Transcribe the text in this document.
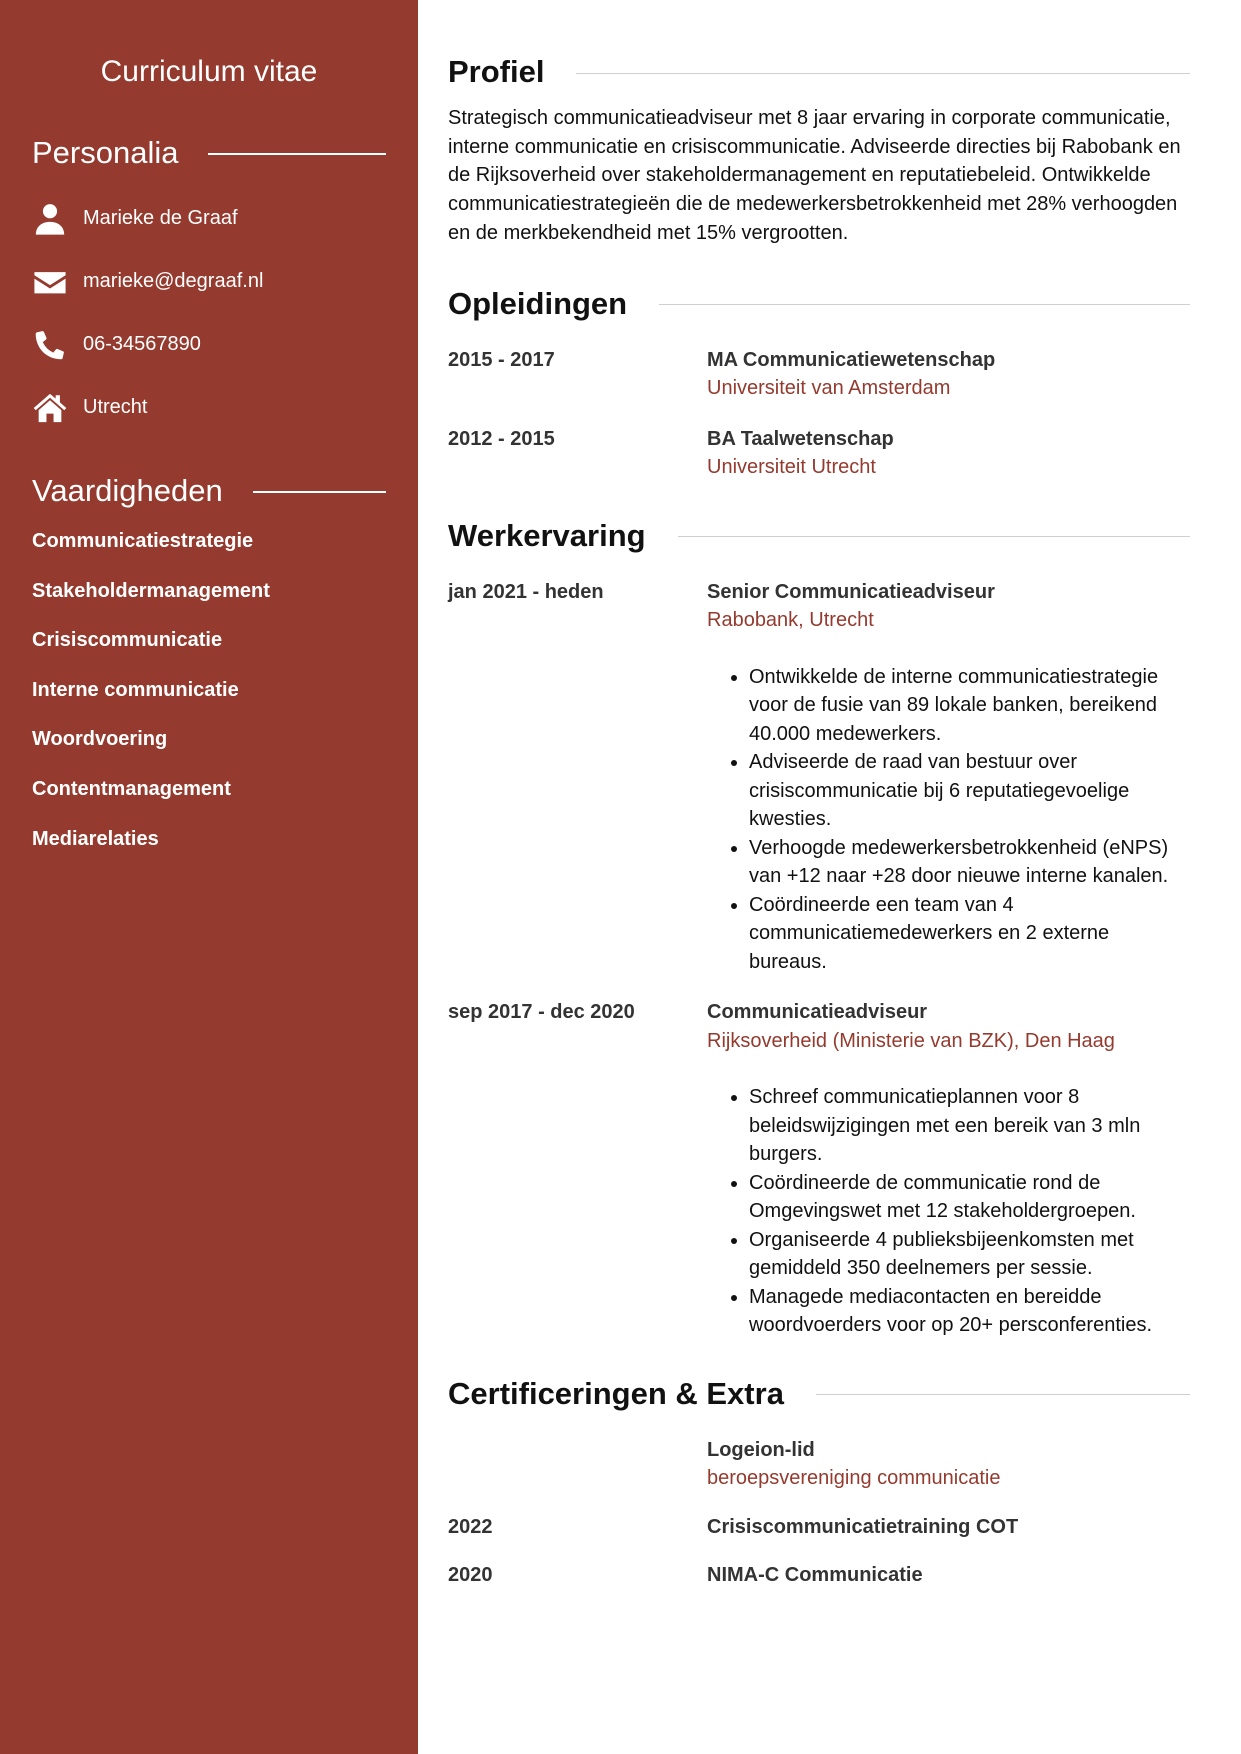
Curriculum vitae
Personalia
Marieke de Graaf
marieke@degraaf.nl
06-34567890
Utrecht
Vaardigheden
Communicatiestrategie
Stakeholdermanagement
Crisiscommunicatie
Interne communicatie
Woordvoering
Contentmanagement
Mediarelaties
Profiel

Strategisch communicatieadviseur met 8 jaar ervaring in corporate communicatie, interne communicatie en crisiscommunicatie. Adviseerde directies bij Rabobank en de Rijksoverheid over stakeholdermanagement en reputatiebeleid. Ontwikkelde communicatiestrategieën die de medewerkersbetrokkenheid met 28% verhoogden en de merkbekendheid met 15% vergrootten.

Opleidingen
2015 - 2017	MA Communicatiewetenschap
Universiteit van Amsterdam
2012 - 2015	BA Taalwetenschap
Universiteit Utrecht
Werkervaring
jan 2021 - heden	Senior Communicatieadviseur
Rabobank, Utrecht
• Ontwikkelde de interne communicatiestrategie voor de fusie van 89 lokale banken, bereikend 40.000 medewerkers.
• Adviseerde de raad van bestuur over crisiscommunicatie bij 6 reputatiegevoelige kwesties.
• Verhoogde medewerkersbetrokkenheid (eNPS) van +12 naar +28 door nieuwe interne kanalen.
• Coördineerde een team van 4 communicatiemedewerkers en 2 externe bureaus.
sep 2017 - dec 2020	Communicatieadviseur
Rijksoverheid (Ministerie van BZK), Den Haag
• Schreef communicatieplannen voor 8 beleidswijzigingen met een bereik van 3 mln burgers.
• Coördineerde de communicatie rond de Omgevingswet met 12 stakeholdergroepen.
• Organiseerde 4 publieksbijeenkomsten met gemiddeld 350 deelnemers per sessie.
• Managede mediacontacten en bereidde woordvoerders voor op 20+ persconferenties.
Certificeringen & Extra
Logeion-lid
beroepsvereniging communicatie
2022	Crisiscommunicatietraining COT
2020	NIMA-C Communicatie
